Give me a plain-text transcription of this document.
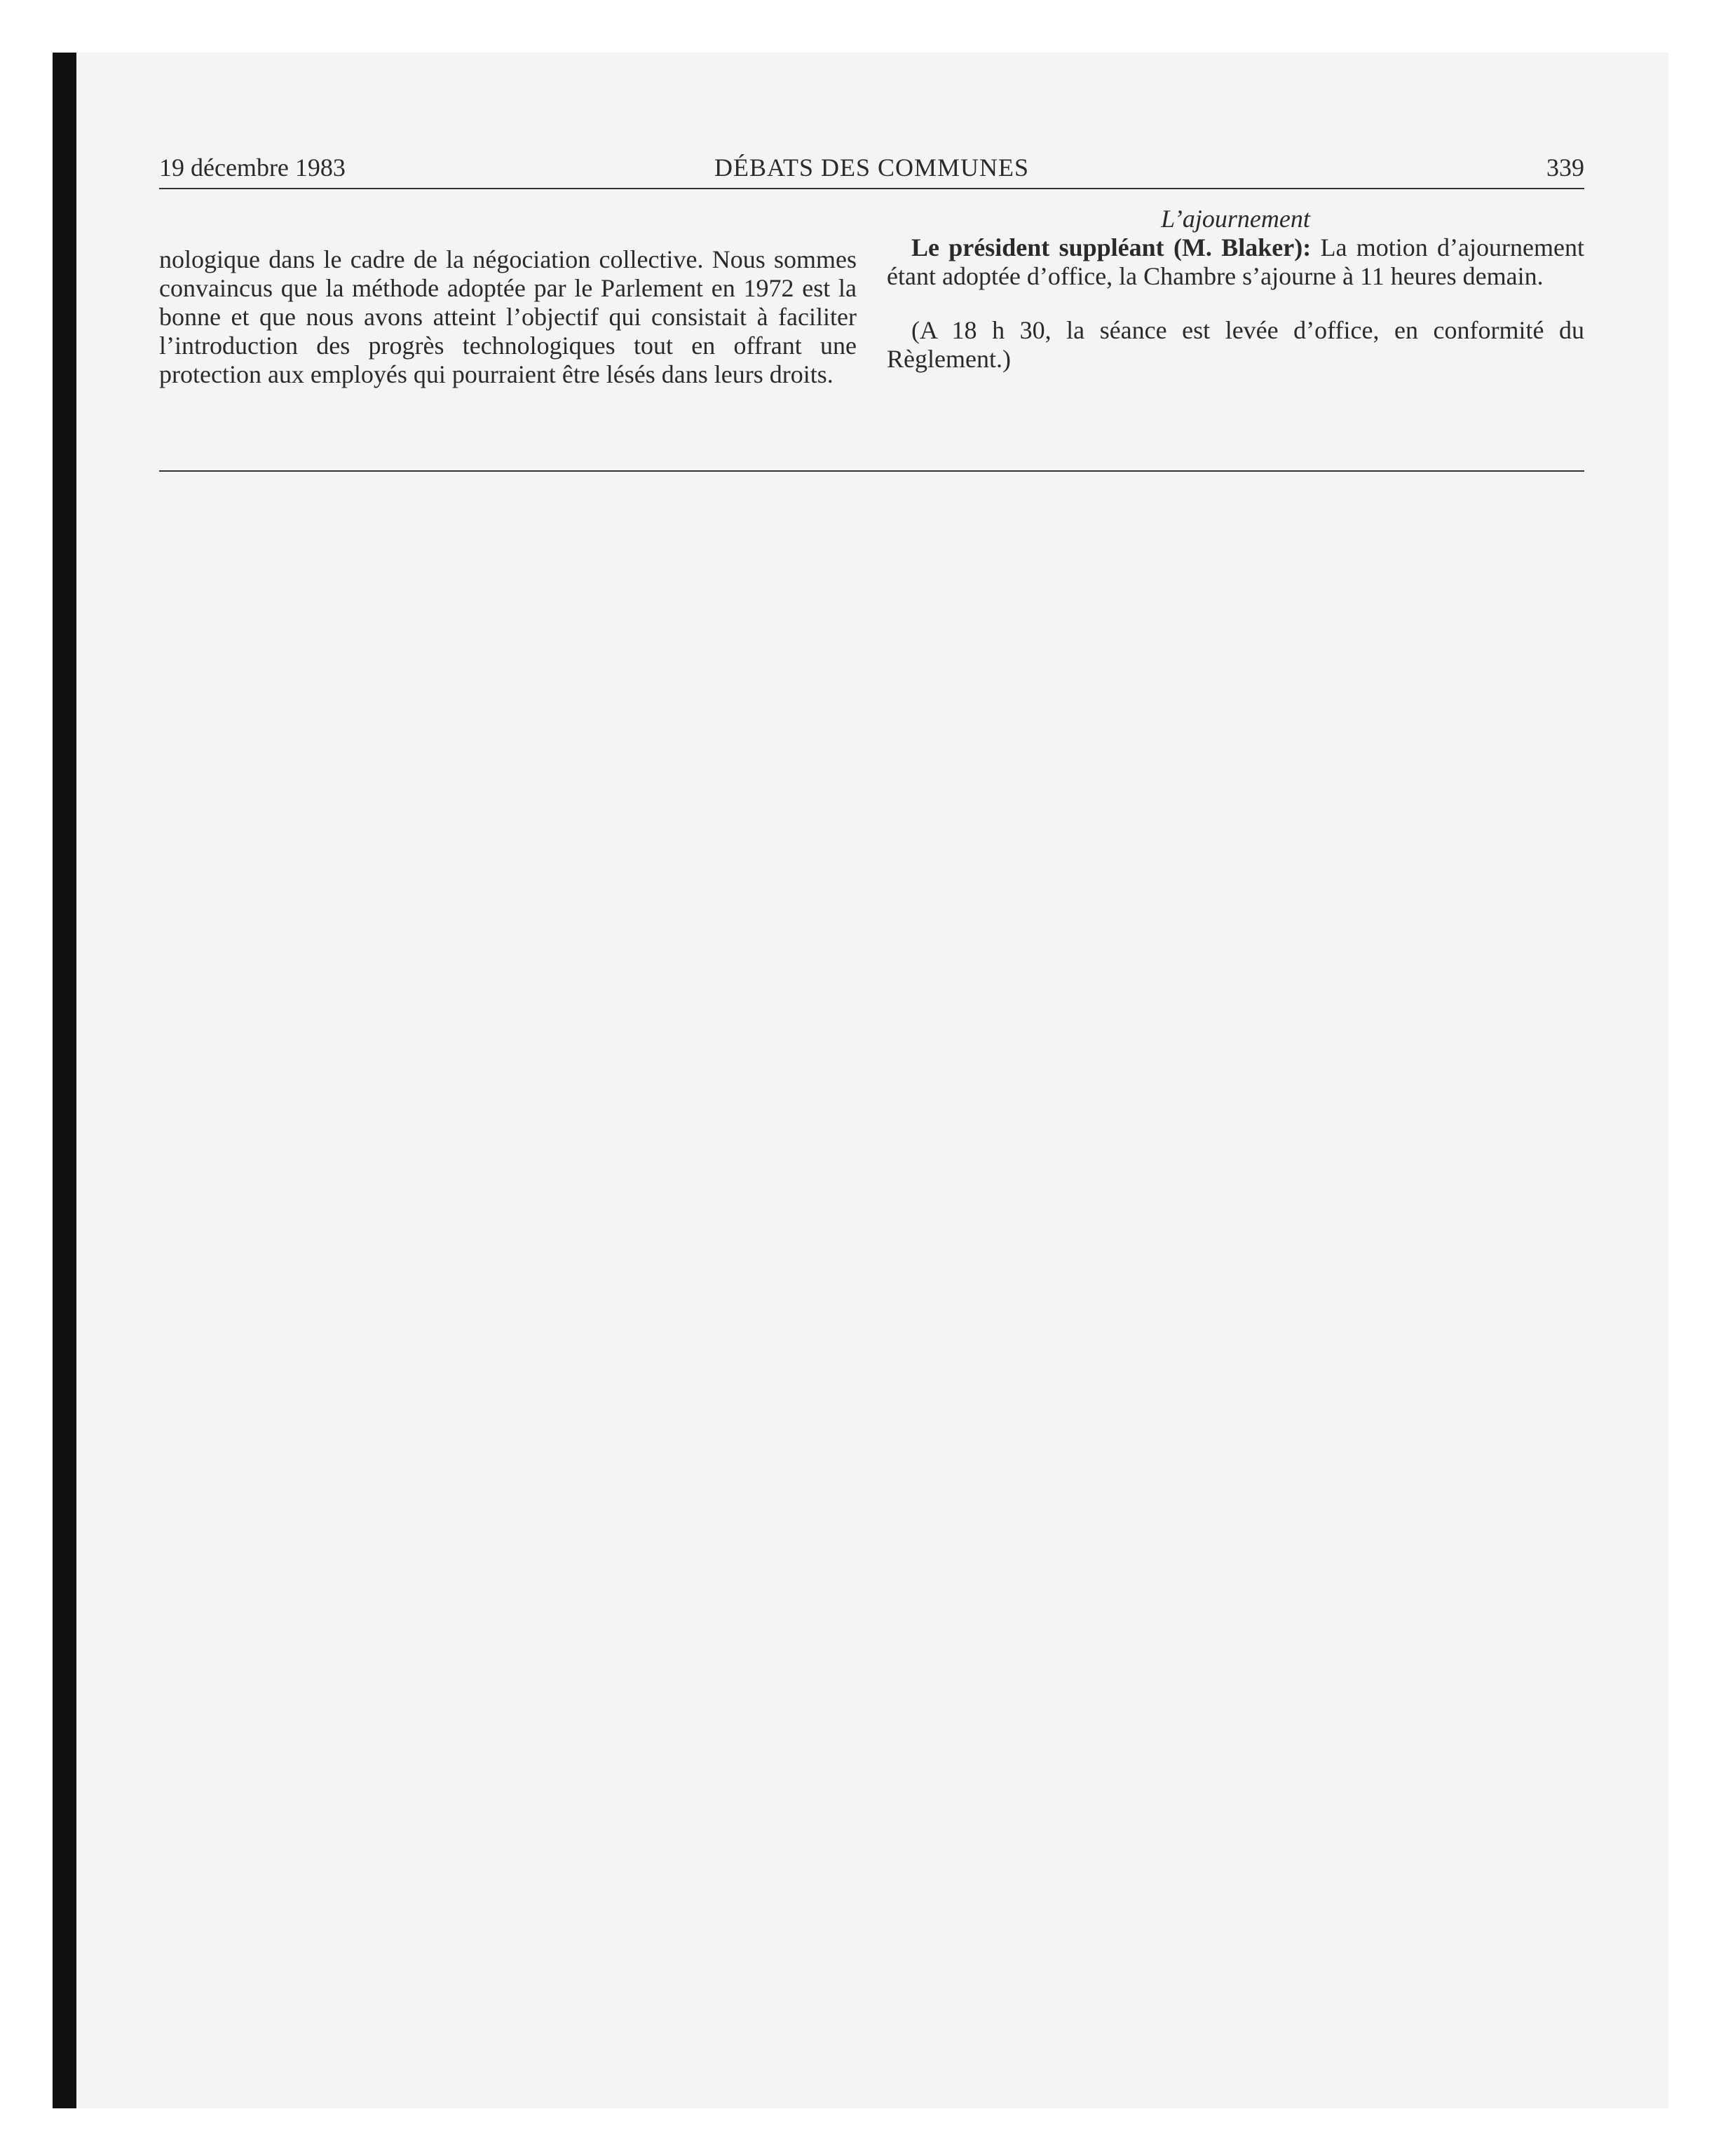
19 décembre 1983	DÉBATS DES COMMUNES	339

nologique dans le cadre de la négociation collective. Nous sommes convaincus que la méthode adoptée par le Parlement en 1972 est la bonne et que nous avons atteint l’objectif qui consistait à faciliter l’introduction des progrès technologiques tout en offrant une protection aux employés qui pourraient être lésés dans leurs droits.

L’ajournement

Le président suppléant (M. Blaker): La motion d’ajournement étant adoptée d’office, la Chambre s’ajourne à 11 heures demain.

(A 18 h 30, la séance est levée d’office, en conformité du Règlement.)
